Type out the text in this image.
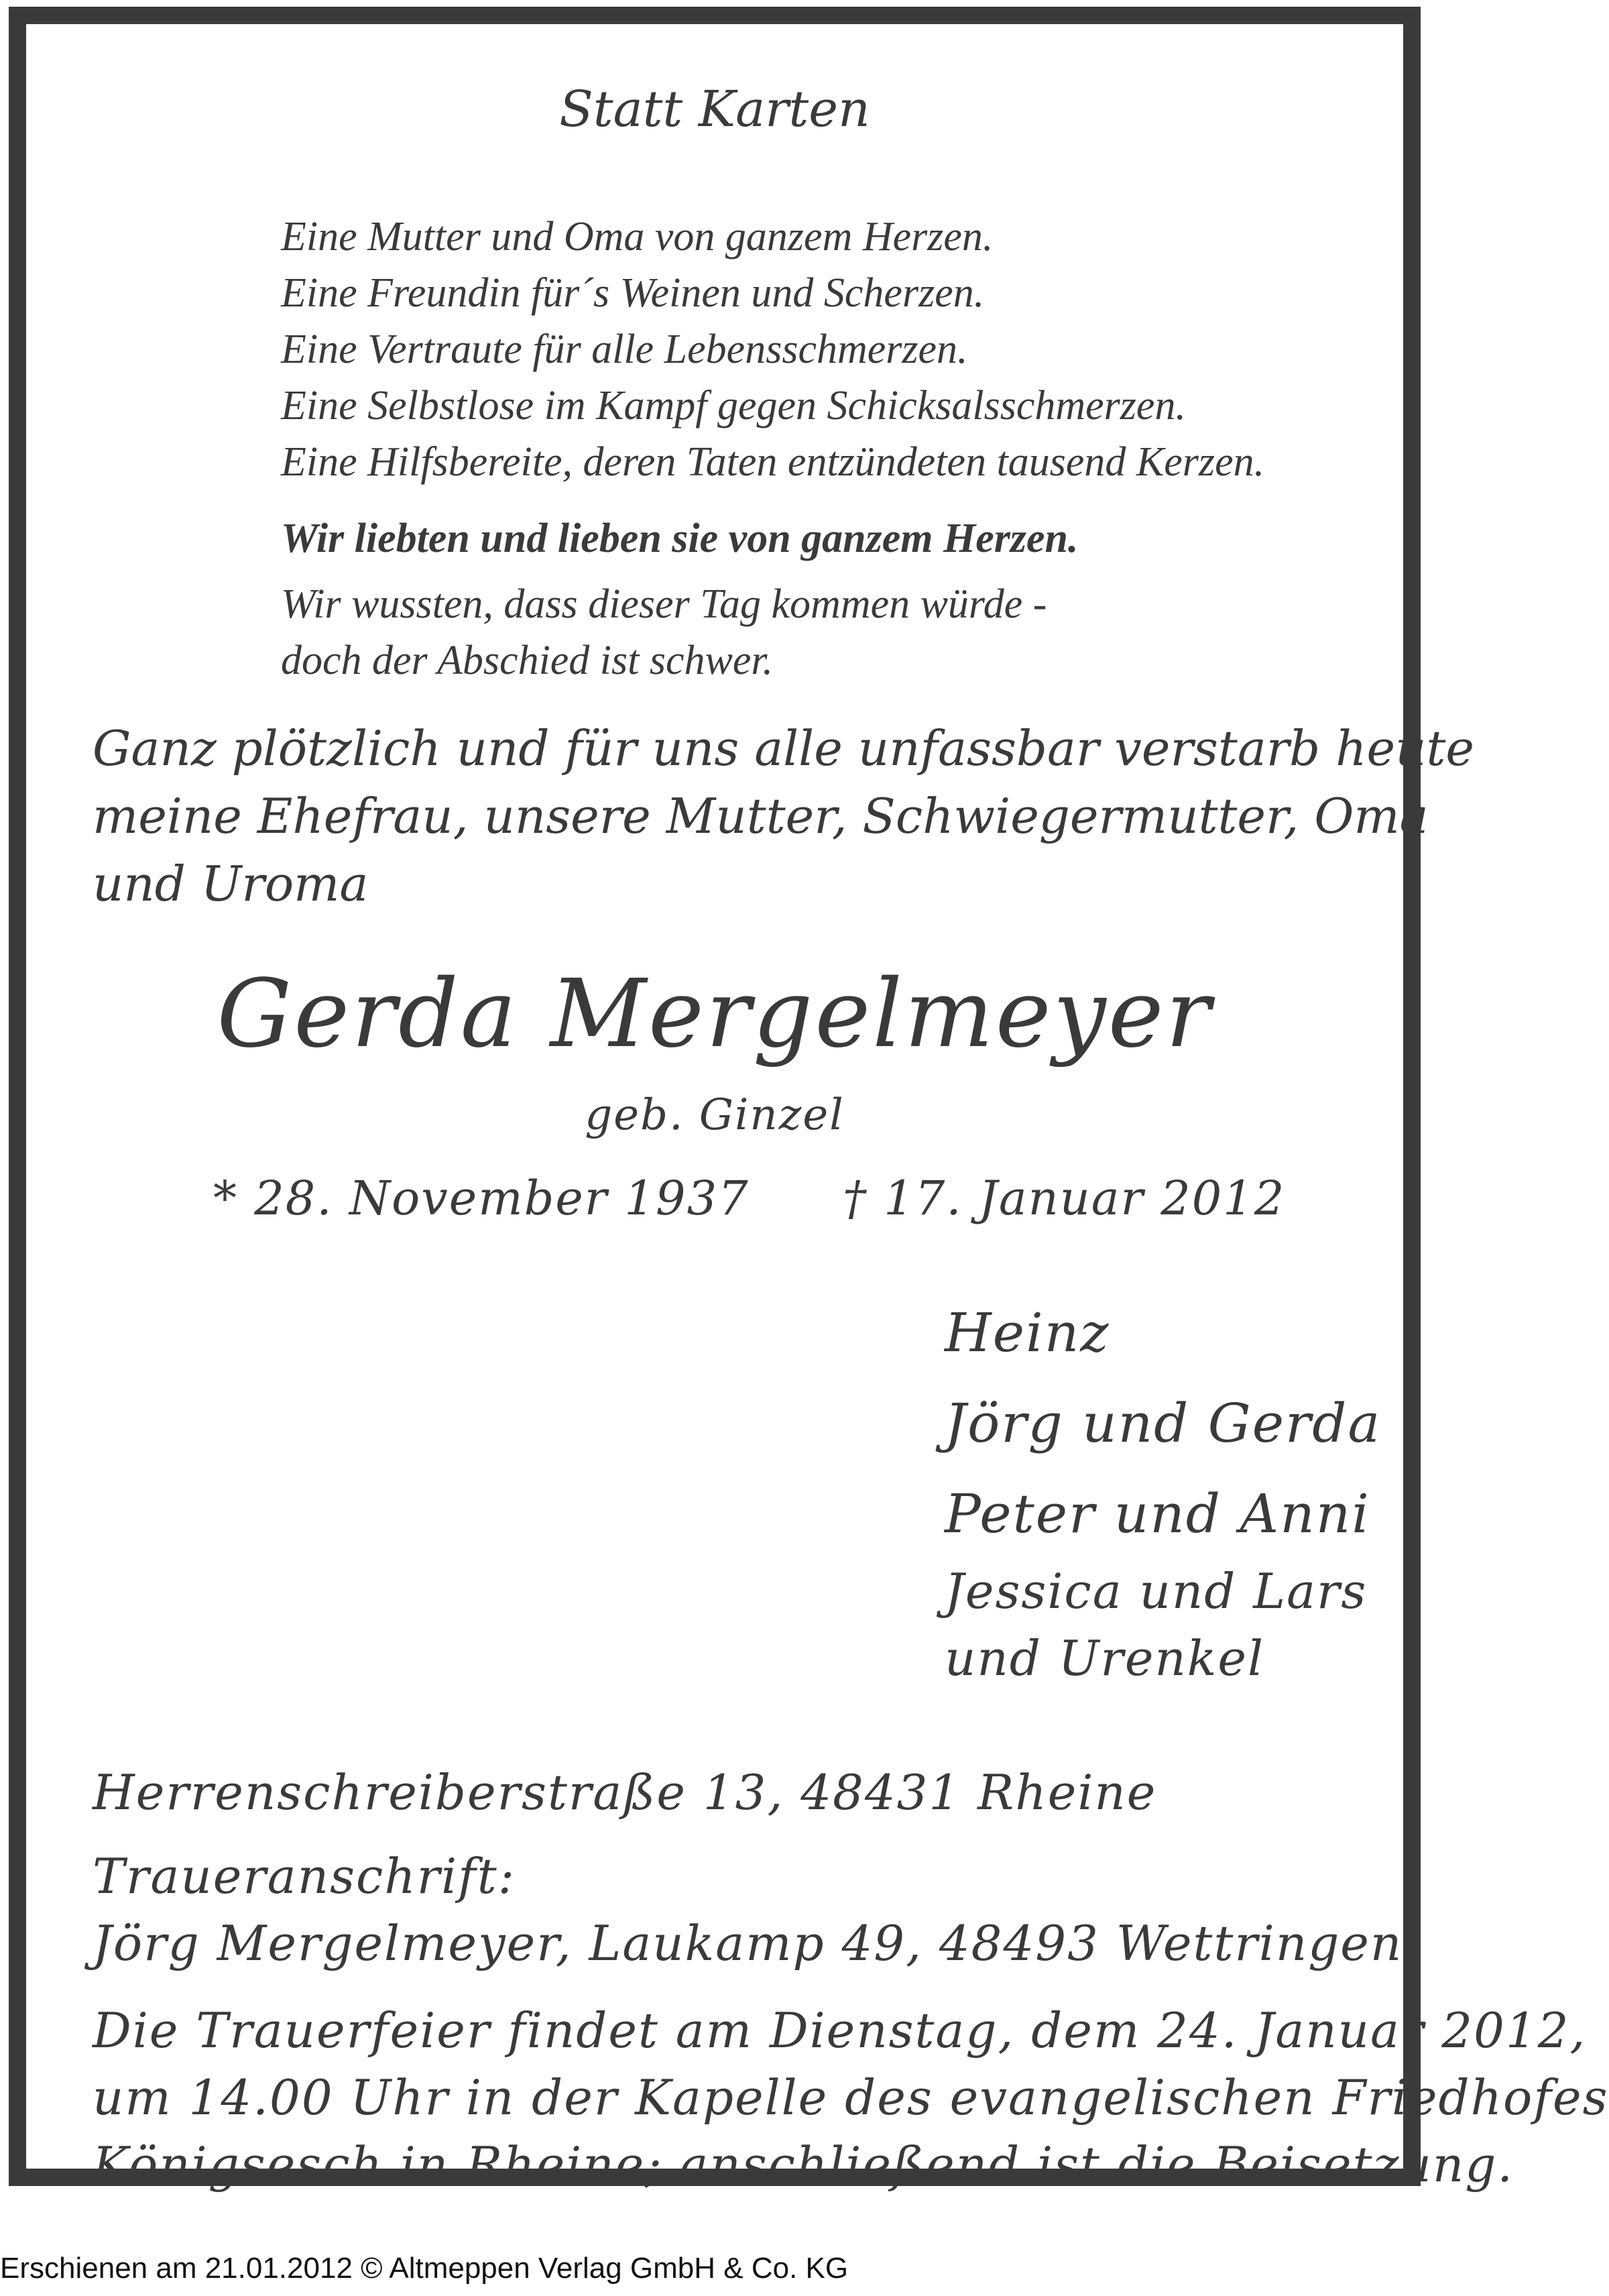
Statt Karten

Eine Mutter und Oma von ganzem Herzen.
Eine Freundin für´s Weinen und Scherzen.
Eine Vertraute für alle Lebensschmerzen.
Eine Selbstlose im Kampf gegen Schicksalsschmerzen.
Eine Hilfsbereite, deren Taten entzündeten tausend Kerzen.
Wir liebten und lieben sie von ganzem Herzen.
Wir wussten, dass dieser Tag kommen würde -
doch der Abschied ist schwer.
Ganz plötzlich und für uns alle unfassbar verstarb heute
meine Ehefrau, unsere Mutter, Schwiegermutter, Oma
und Uroma

Gerda Mergelmeyer

geb. Ginzel

* 28. November 1937 † 17. Januar 2012

Heinz

Jörg und Gerda

Peter und Anni

Jessica und Lars

und Urenkel

Herrenschreiberstraße 13, 48431 Rheine

Traueranschrift:

Jörg Mergelmeyer, Laukamp 49, 48493 Wettringen

Die Trauerfeier findet am Dienstag, dem 24. Januar 2012,

um 14.00 Uhr in der Kapelle des evangelischen Friedhofes

Königsesch in Rheine; anschließend ist die Beisetzung.

Erschienen am 21.01.2012 © Altmeppen Verlag GmbH & Co. KG
